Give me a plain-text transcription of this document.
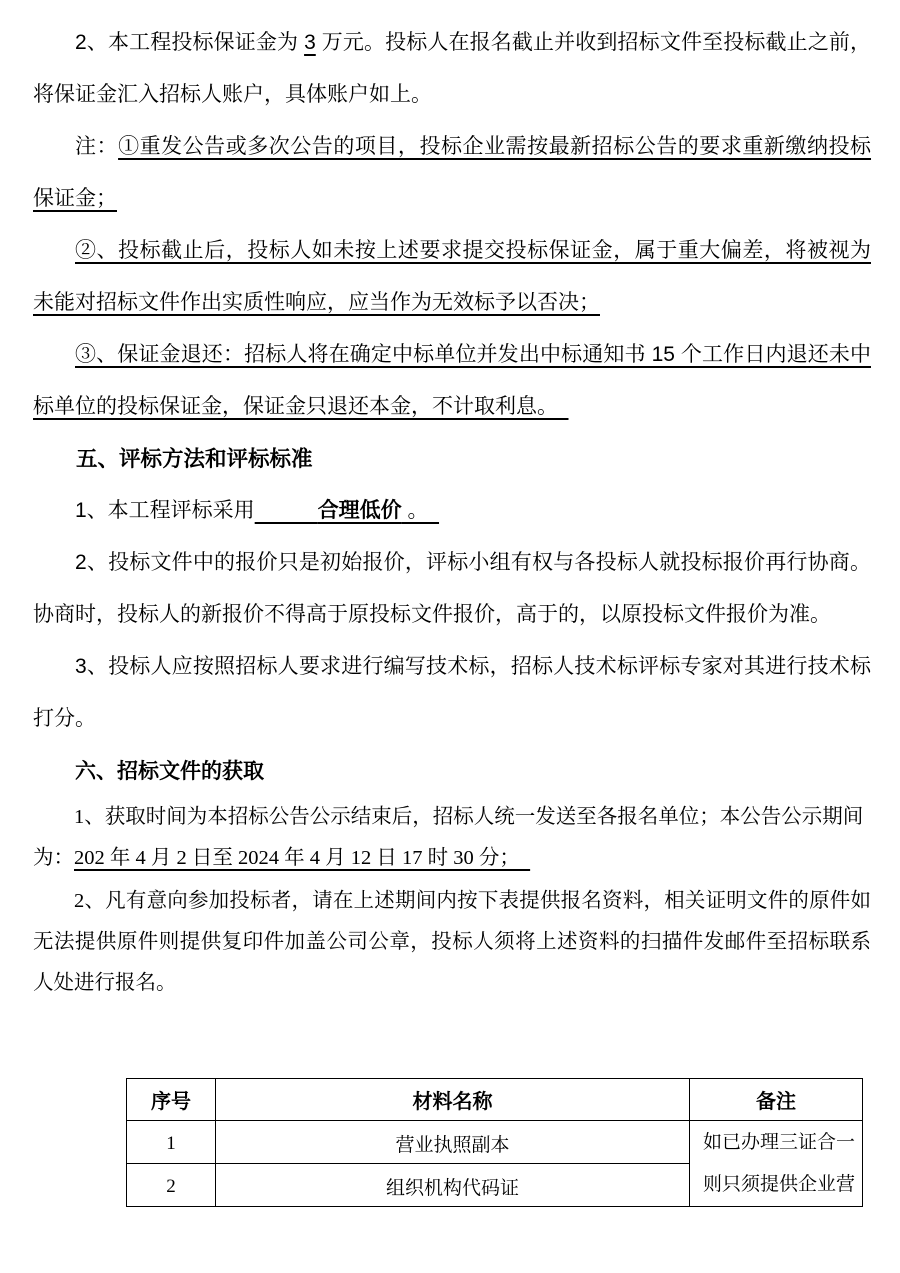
2、本工程投标保证金为 3 万元。投标人在报名截止并收到招标文件至投标截止之前，将保证金汇入招标人账户，具体账户如上。

注：①重发公告或多次公告的项目，投标企业需按最新招标公告的要求重新缴纳投标保证金；

②、投标截止后，投标人如未按上述要求提交投标保证金，属于重大偏差，将被视为未能对招标文件作出实质性响应，应当作为无效标予以否决；

③、保证金退还：招标人将在确定中标单位并发出中标通知书 15 个工作日内退还未中标单位的投标保证金，保证金只退还本金，不计取利息。　

五、评标方法和评标标准

1、本工程评标采用　　　	合理低价 。　

2、投标文件中的报价只是初始报价，评标小组有权与各投标人就投标报价再行协商。协商时，投标人的新报价不得高于原投标文件报价，高于的，以原投标文件报价为准。

3、投标人应按照招标人要求进行编写技术标，招标人技术标评标专家对其进行技术标打分。

六、招标文件的获取

1、获取时间为本招标公告公示结束后，招标人统一发送至各报名单位；本公告公示期间
为：202 年 4 月 2 日至 2024 年 4 月 12 日 17 时 30 分；　

2、凡有意向参加投标者，请在上述期间内按下表提供报名资料，相关证明文件的原件如无法提供原件则提供复印件加盖公司公章，投标人须将上述资料的扫描件发邮件至招标联系人处进行报名。

序号	材料名称	备注
1	营业执照副本	如已办理三证合一
则只须提供企业营
2	组织机构代码证	
